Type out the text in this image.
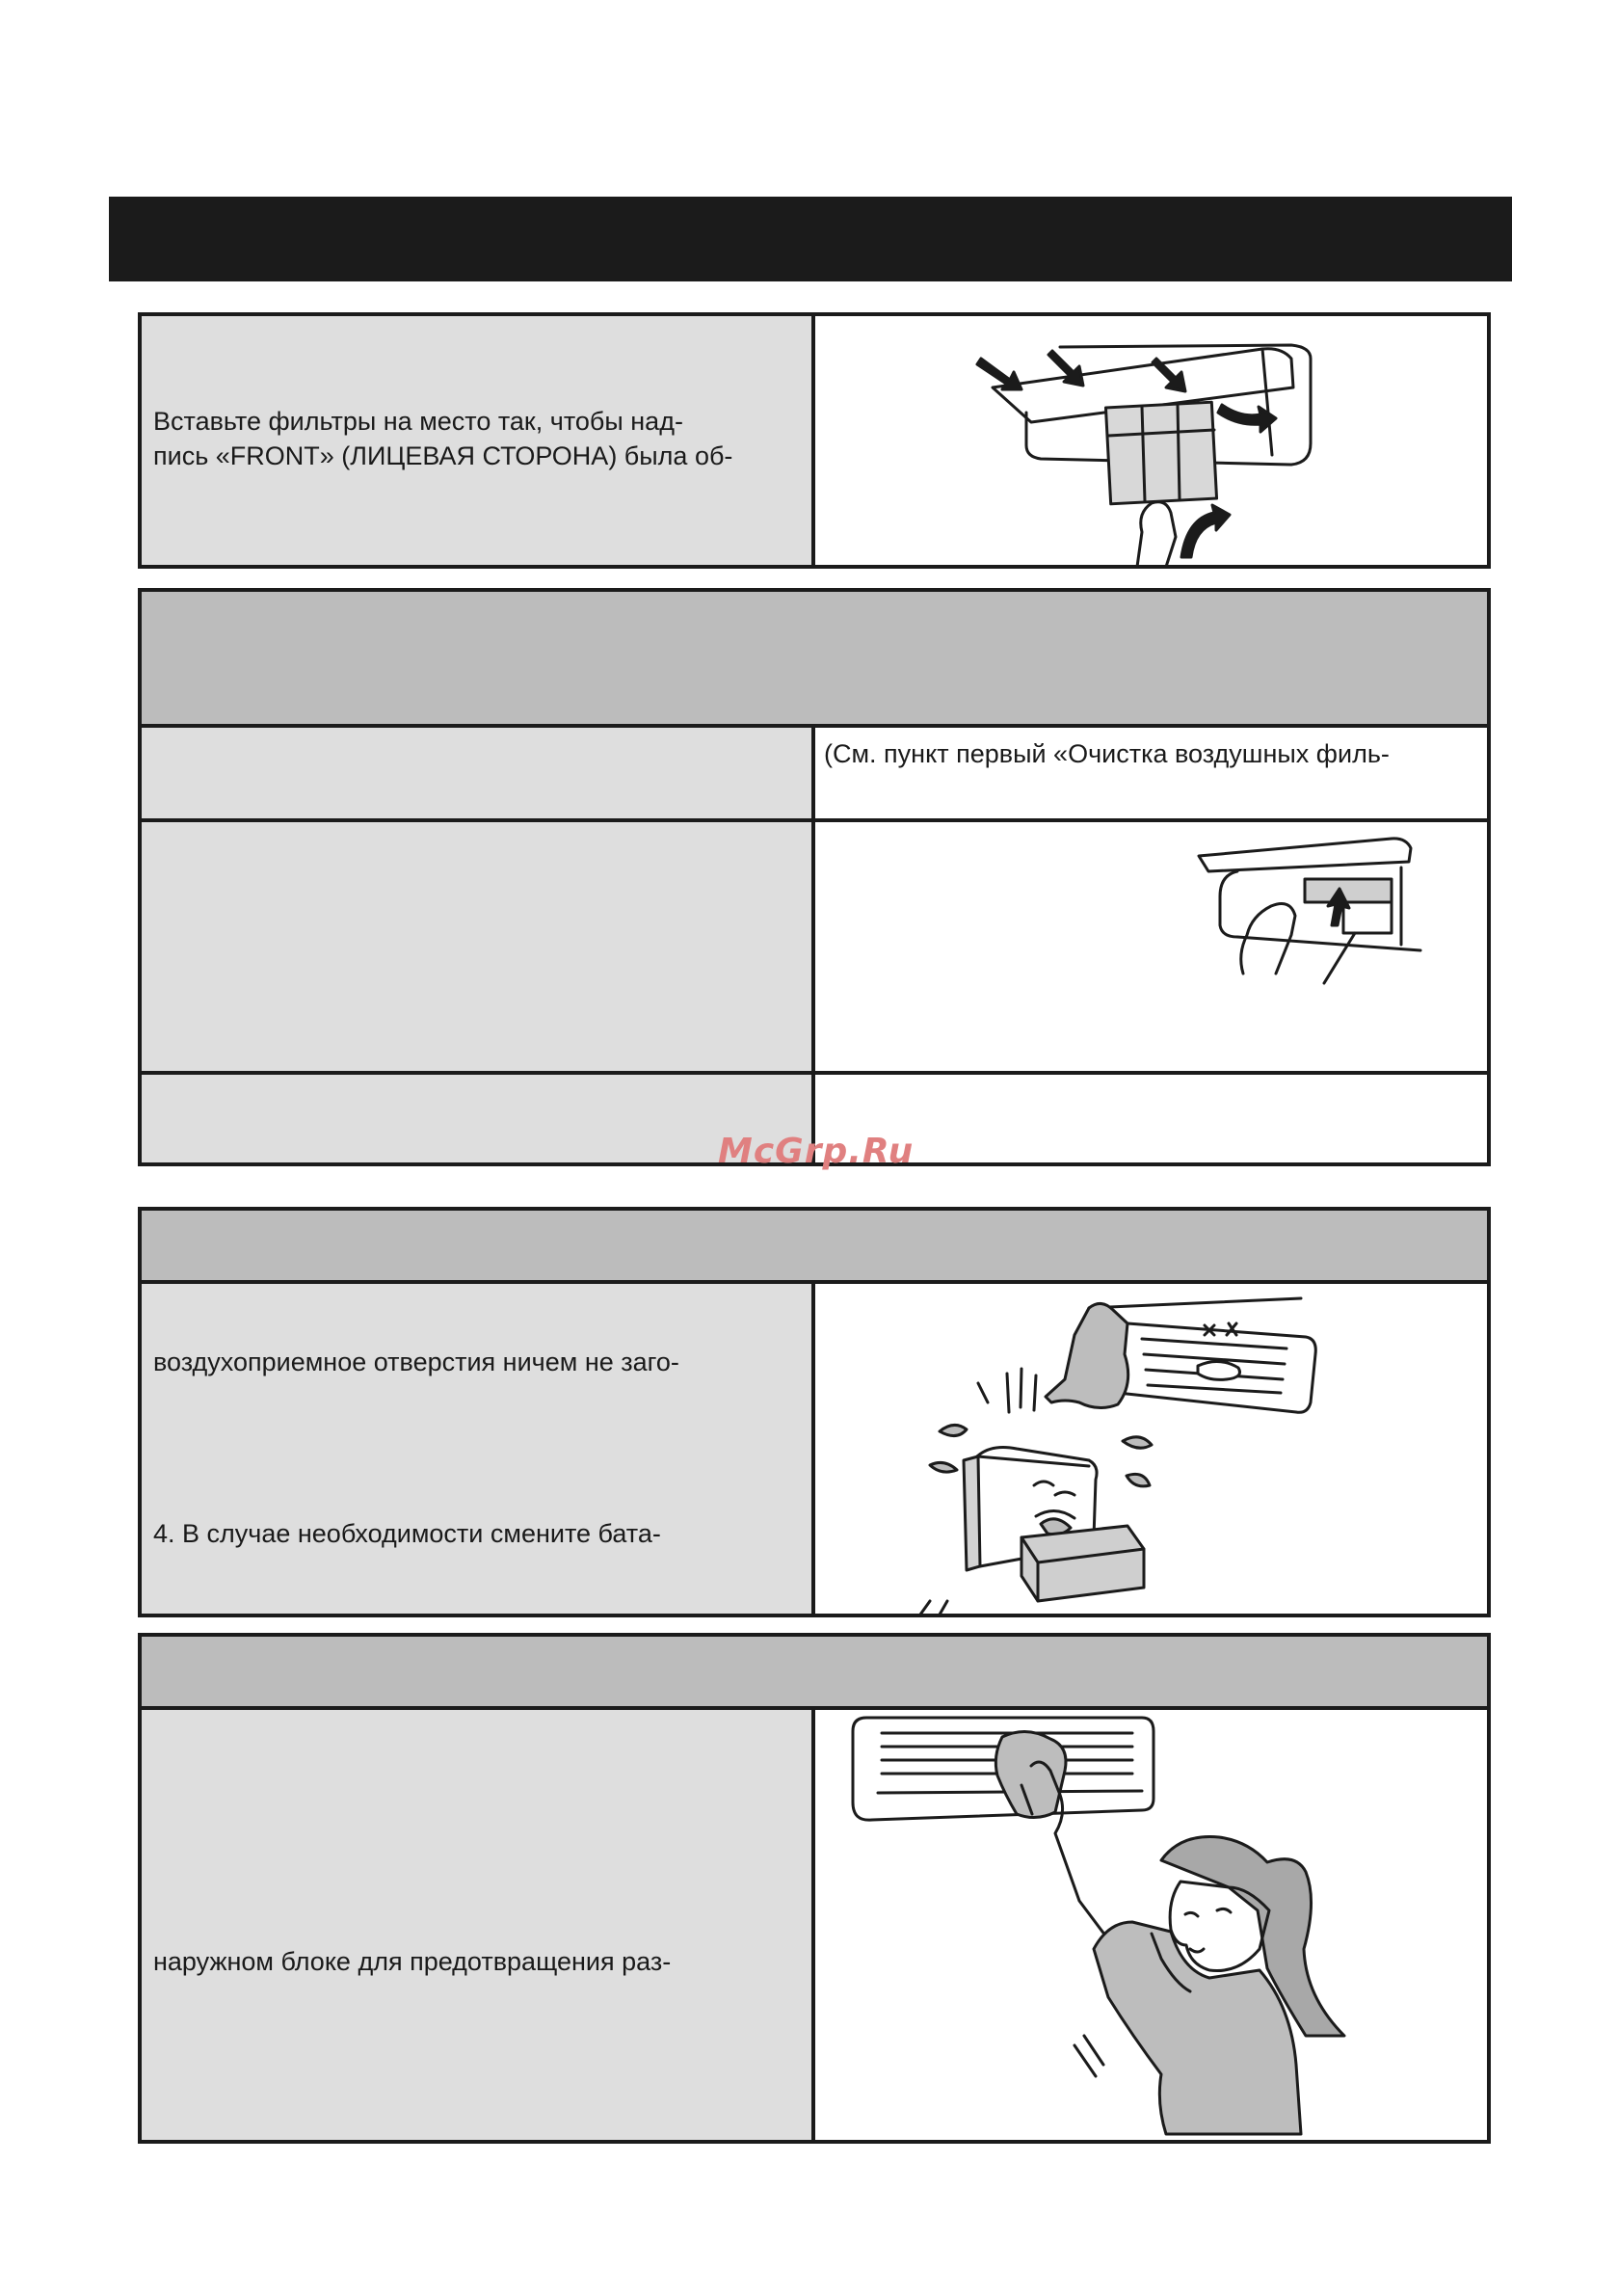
Вставьте фильтры на место так, чтобы над-
пись «FRONT» (ЛИЦЕВАЯ СТОРОНА) была об-
(См. пункт первый «Очистка воздушных филь-
воздухоприемное отверстия ничем не заго-
4. В случае необходимости смените бата-
наружном блоке для предотвращения раз-
McGrp.Ru
